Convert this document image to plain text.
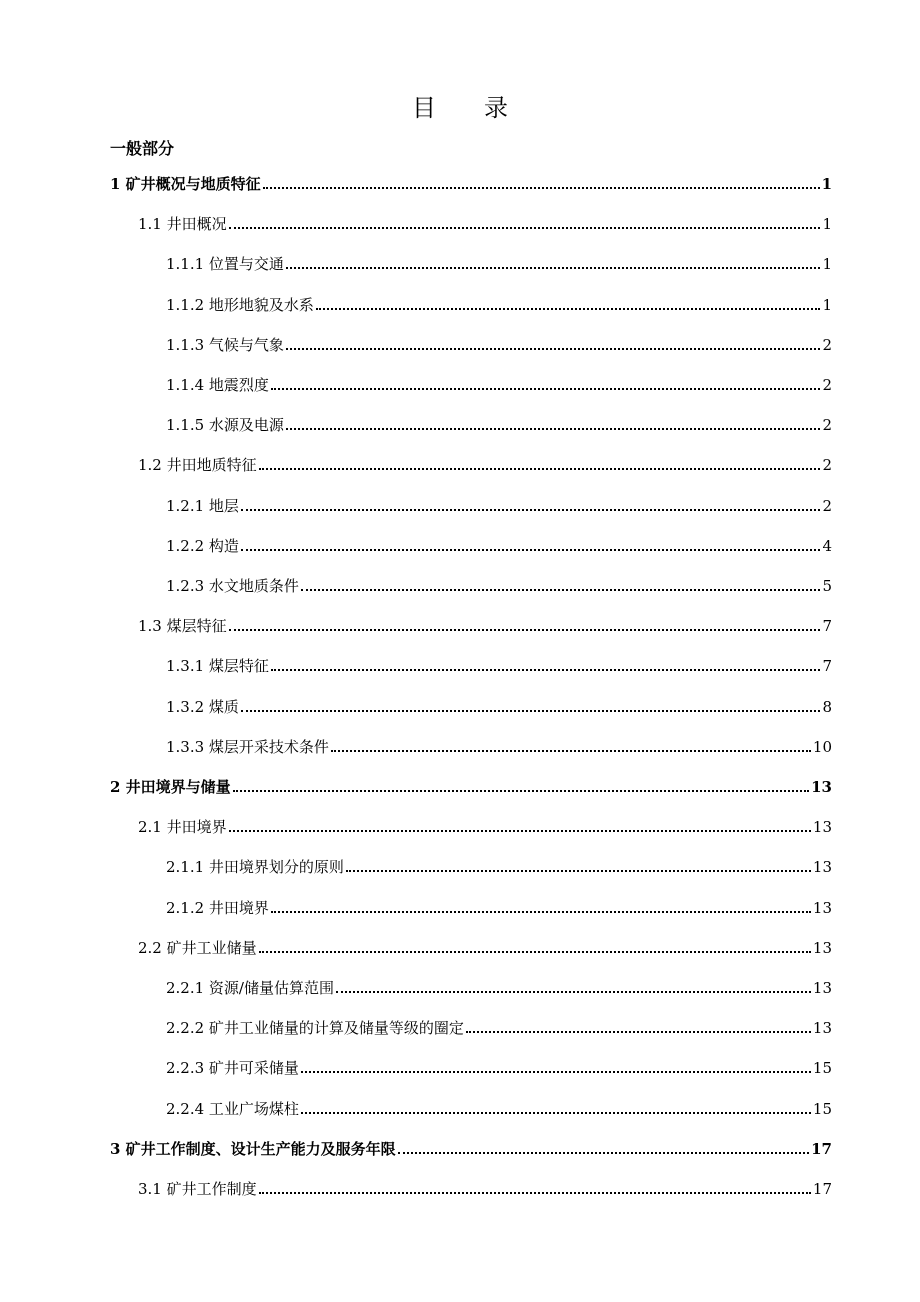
目 录
一般部分
1 矿井概况与地质特征	1
1.1 井田概况	1
1.1.1 位置与交通	1
1.1.2 地形地貌及水系	1
1.1.3 气候与气象	2
1.1.4 地震烈度	2
1.1.5 水源及电源	2
1.2 井田地质特征	2
1.2.1 地层	2
1.2.2 构造	4
1.2.3 水文地质条件	5
1.3 煤层特征	7
1.3.1 煤层特征	7
1.3.2 煤质	8
1.3.3 煤层开采技术条件	10
2 井田境界与储量	13
2.1 井田境界	13
2.1.1 井田境界划分的原则	13
2.1.2 井田境界	13
2.2 矿井工业储量	13
2.2.1 资源/储量估算范围	13
2.2.2 矿井工业储量的计算及储量等级的圈定	13
2.2.3 矿井可采储量	15
2.2.4 工业广场煤柱	15
3 矿井工作制度、设计生产能力及服务年限	17
3.1 矿井工作制度	17
